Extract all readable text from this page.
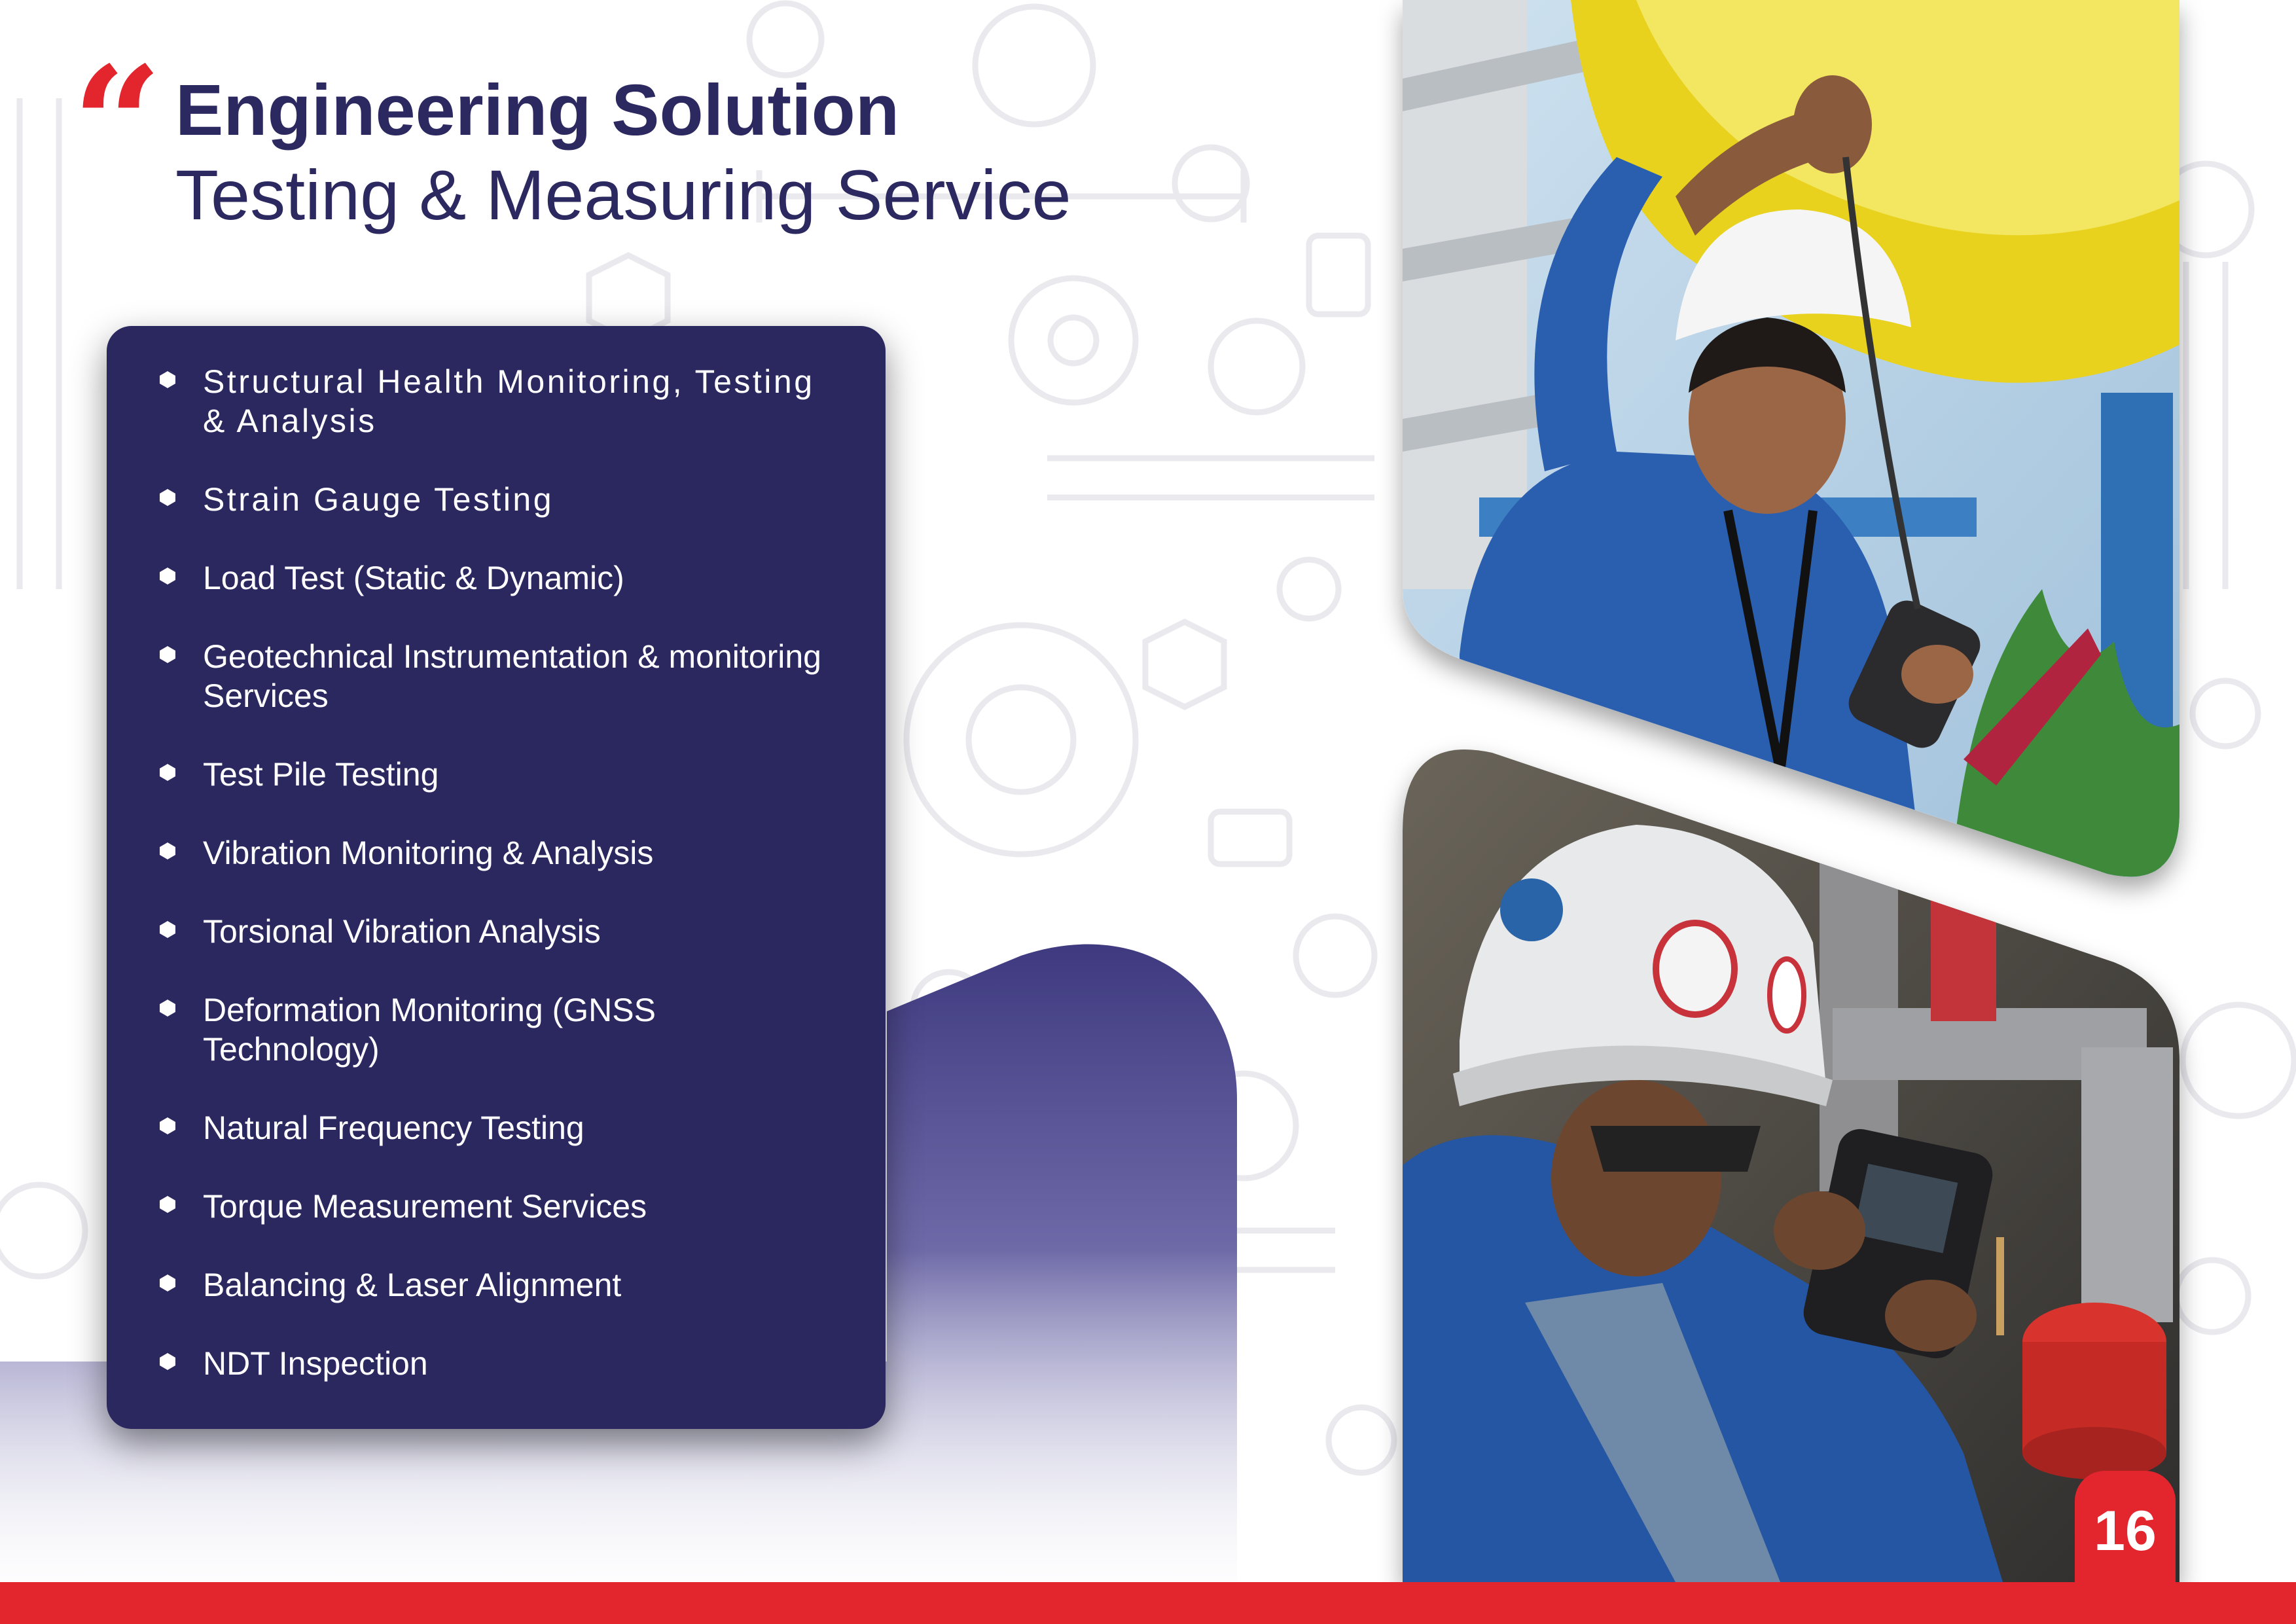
“ Engineering Solution
Testing & Measuring Service
Structural Health Monitoring, Testing
& Analysis
Strain Gauge Testing
Load Test (Static & Dynamic)
Geotechnical Instrumentation & monitoring
Services
Test Pile Testing
Vibration Monitoring & Analysis
Torsional Vibration Analysis
Deformation Monitoring (GNSS
Technology)
Natural Frequency Testing
Torque Measurement Services
Balancing & Laser Alignment
NDT Inspection
16
